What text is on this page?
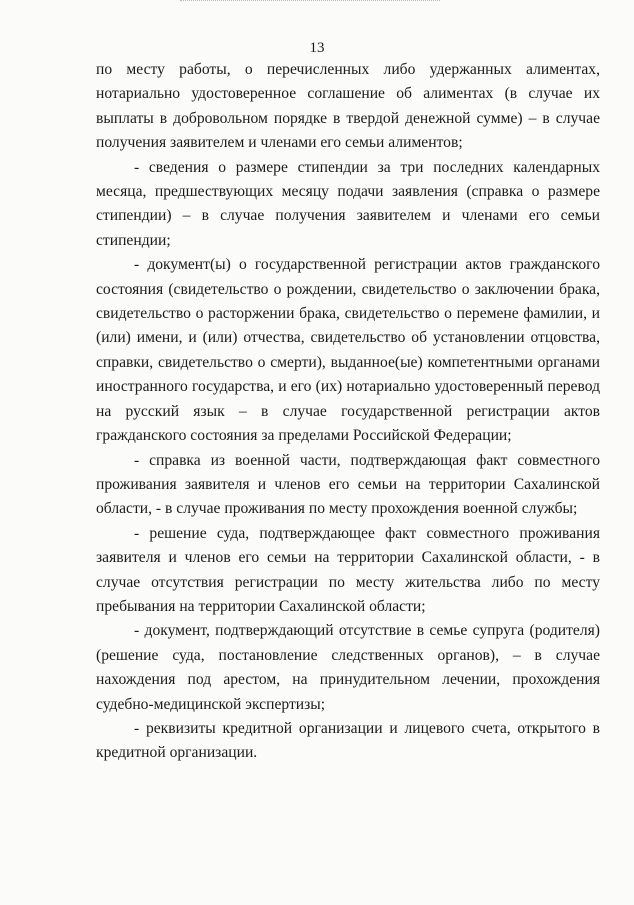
13

по месту работы, о перечисленных либо удержанных алиментах, нотариально удостоверенное соглашение об алиментах (в случае их выплаты в добровольном порядке в твердой денежной сумме) – в случае получения заявителем и членами его семьи алиментов;

- сведения о размере стипендии за три последних календарных месяца, предшествующих месяцу подачи заявления (справка о размере стипендии) – в случае получения заявителем и членами его семьи стипендии;

- документ(ы) о государственной регистрации актов гражданского состояния (свидетельство о рождении, свидетельство о заключении брака, свидетельство о расторжении брака, свидетельство о перемене фамилии, и (или) имени, и (или) отчества, свидетельство об установлении отцовства, справки, свидетельство о смерти), выданное(ые) компетентными органами иностранного государства, и его (их) нотариально удостоверенный перевод на русский язык – в случае государственной регистрации актов гражданского состояния за пределами Российской Федерации;

- справка из военной части, подтверждающая факт совместного проживания заявителя и членов его семьи на территории Сахалинской области, - в случае проживания по месту прохождения военной службы;

- решение суда, подтверждающее факт совместного проживания заявителя и членов его семьи на территории Сахалинской области, - в случае отсутствия регистрации по месту жительства либо по месту пребывания на территории Сахалинской области;

- документ, подтверждающий отсутствие в семье супруга (родителя) (решение суда, постановление следственных органов), – в случае нахождения под арестом, на принудительном лечении, прохождения судебно-медицинской экспертизы;

- реквизиты кредитной организации и лицевого счета, открытого в кредитной организации.
